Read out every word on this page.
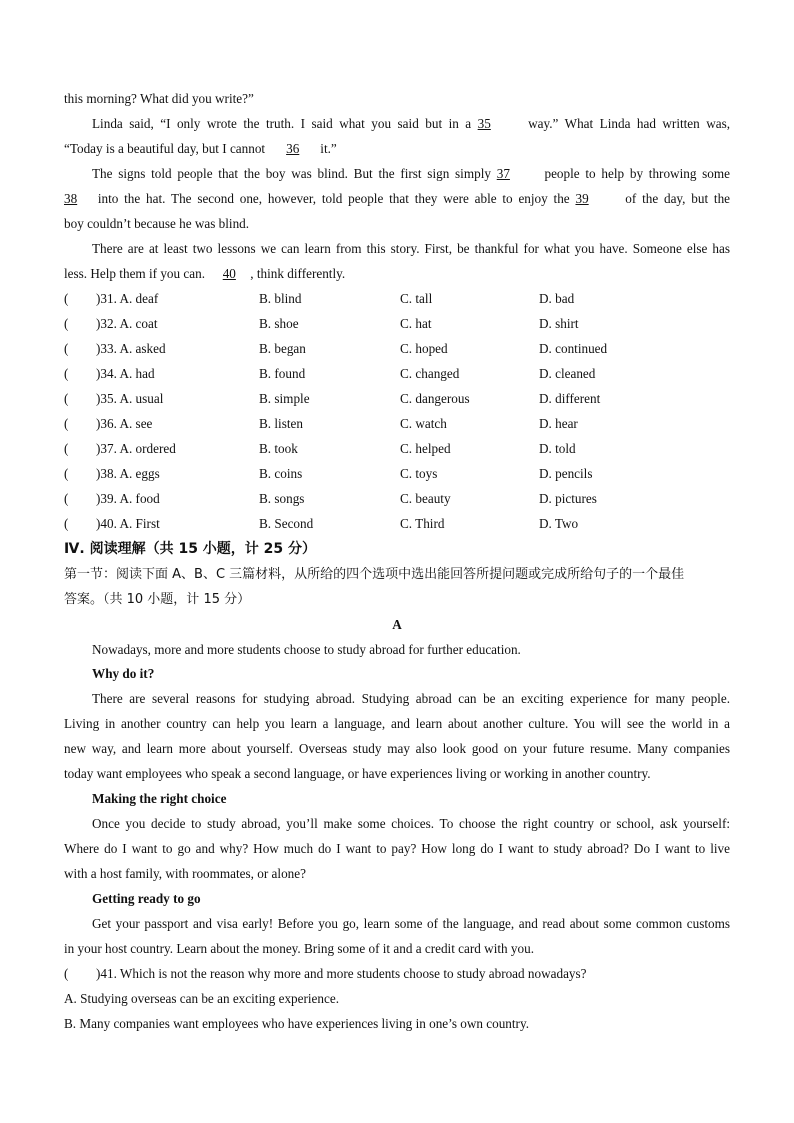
this morning? What did you write?”
Linda said, “I only wrote the truth. I said what you said but in a 35	way.” What Linda had written was,
“Today is a beautiful day, but I cannot 36 it.”
The signs told people that the boy was blind. But the first sign simply 37	people to help by throwing some
38 into the hat. The second one, however, told people that they were able to enjoy the 39	of the day, but the
boy couldn’t because he was blind.
There are at least two lessons we can learn from this story. First, be thankful for what you have. Someone else has
less. Help them if you can. 40 , think differently.
( )31. A. deaf	B. blind	C. tall	D. bad
( )32. A. coat	B. shoe	C. hat	D. shirt
( )33. A. asked	B. began	C. hoped	D. continued
( )34. A. had	B. found	C. changed	D. cleaned
( )35. A. usual	B. simple	C. dangerous	D. different
( )36. A. see	B. listen	C. watch	D. hear
( )37. A. ordered	B. took	C. helped	D. told
( )38. A. eggs	B. coins	C. toys	D. pencils
( )39. A. food	B. songs	C. beauty	D. pictures
( )40. A. First	B. Second	C. Third	D. Two
Ⅳ. 阅读理解（共 15 小题，计 25 分）
第一节：阅读下面 A、B、C 三篇材料，从所给的四个选项中选出能回答所提问题或完成所给句子的一个最佳
答案。（共 10 小题，计 15 分）
A
Nowadays, more and more students choose to study abroad for further education.
Why do it?
There are several reasons for studying abroad. Studying abroad can be an exciting experience for many people.
Living in another country can help you learn a language, and learn about another culture. You will see the world in a
new way, and learn more about yourself. Overseas study may also look good on your future resume. Many companies
today want employees who speak a second language, or have experiences living or working in another country.
Making the right choice
Once you decide to study abroad, you’ll make some choices. To choose the right country or school, ask yourself:
Where do I want to go and why? How much do I want to pay? How long do I want to study abroad? Do I want to live
with a host family, with roommates, or alone?
Getting ready to go
Get your passport and visa early! Before you go, learn some of the language, and read about some common customs
in your host country. Learn about the money. Bring some of it and a credit card with you.
( )41. Which is not the reason why more and more students choose to study abroad nowadays?
A. Studying overseas can be an exciting experience.
B. Many companies want employees who have experiences living in one’s own country.
